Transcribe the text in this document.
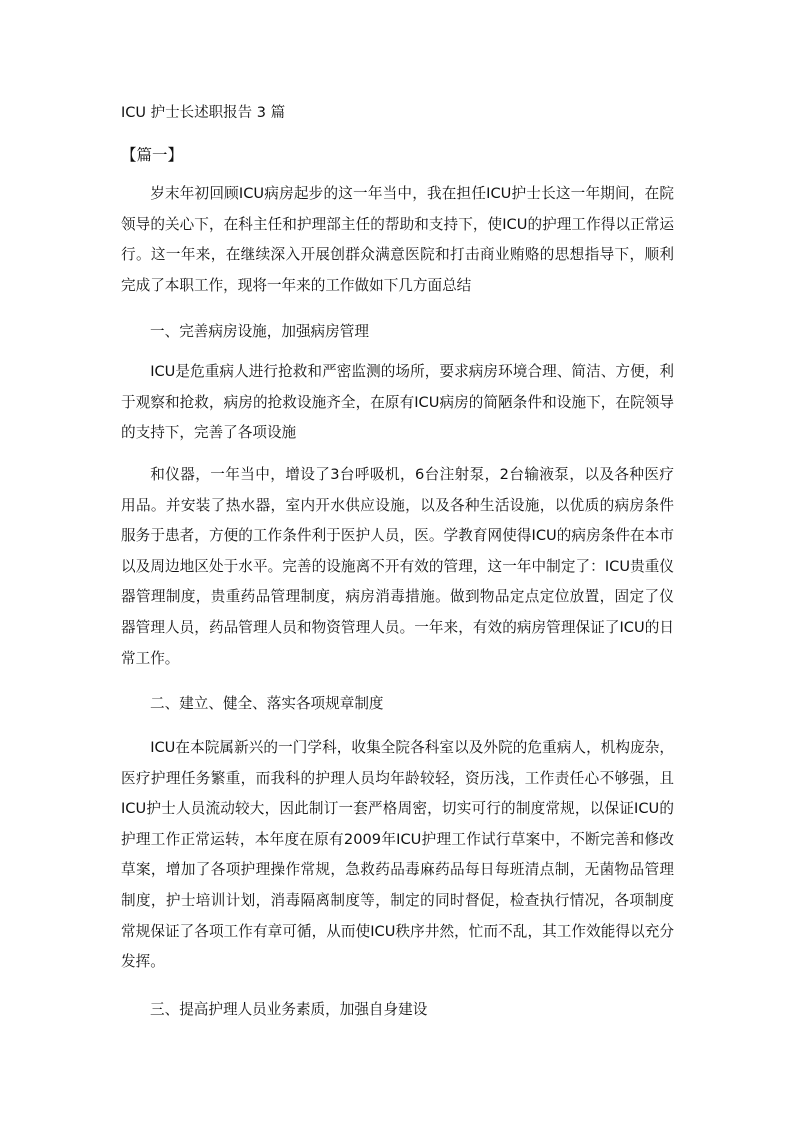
ICU 护士长述职报告 3 篇
【篇一】

岁末年初回顾ICU病房起步的这一年当中，我在担任ICU护士长这一年期间，在院领导的关心下，在科主任和护理部主任的帮助和支持下，使ICU的护理工作得以正常运行。这一年来，在继续深入开展创群众满意医院和打击商业贿赂的思想指导下，顺利完成了本职工作，现将一年来的工作做如下几方面总结

一、完善病房设施，加强病房管理

ICU是危重病人进行抢救和严密监测的场所，要求病房环境合理、简洁、方便，利于观察和抢救，病房的抢救设施齐全，在原有ICU病房的简陋条件和设施下，在院领导的支持下，完善了各项设施

和仪器，一年当中，增设了3台呼吸机，6台注射泵，2台输液泵，以及各种医疗用品。并安装了热水器，室内开水供应设施，以及各种生活设施，以优质的病房条件服务于患者，方便的工作条件利于医护人员，医。学教育网使得ICU的病房条件在本市以及周边地区处于水平。完善的设施离不开有效的管理，这一年中制定了：ICU贵重仪器管理制度，贵重药品管理制度，病房消毒措施。做到物品定点定位放置，固定了仪器管理人员，药品管理人员和物资管理人员。一年来，有效的病房管理保证了ICU的日常工作。

二、建立、健全、落实各项规章制度

ICU在本院属新兴的一门学科，收集全院各科室以及外院的危重病人，机构庞杂，医疗护理任务繁重，而我科的护理人员均年龄较轻，资历浅，工作责任心不够强，且ICU护士人员流动较大，因此制订一套严格周密，切实可行的制度常规，以保证ICU的护理工作正常运转，本年度在原有2009年ICU护理工作试行草案中，不断完善和修改草案，增加了各项护理操作常规，急救药品毒麻药品每日每班清点制，无菌物品管理制度，护士培训计划，消毒隔离制度等，制定的同时督促，检查执行情况，各项制度常规保证了各项工作有章可循，从而使ICU秩序井然，忙而不乱，其工作效能得以充分发挥。

三、提高护理人员业务素质，加强自身建设
